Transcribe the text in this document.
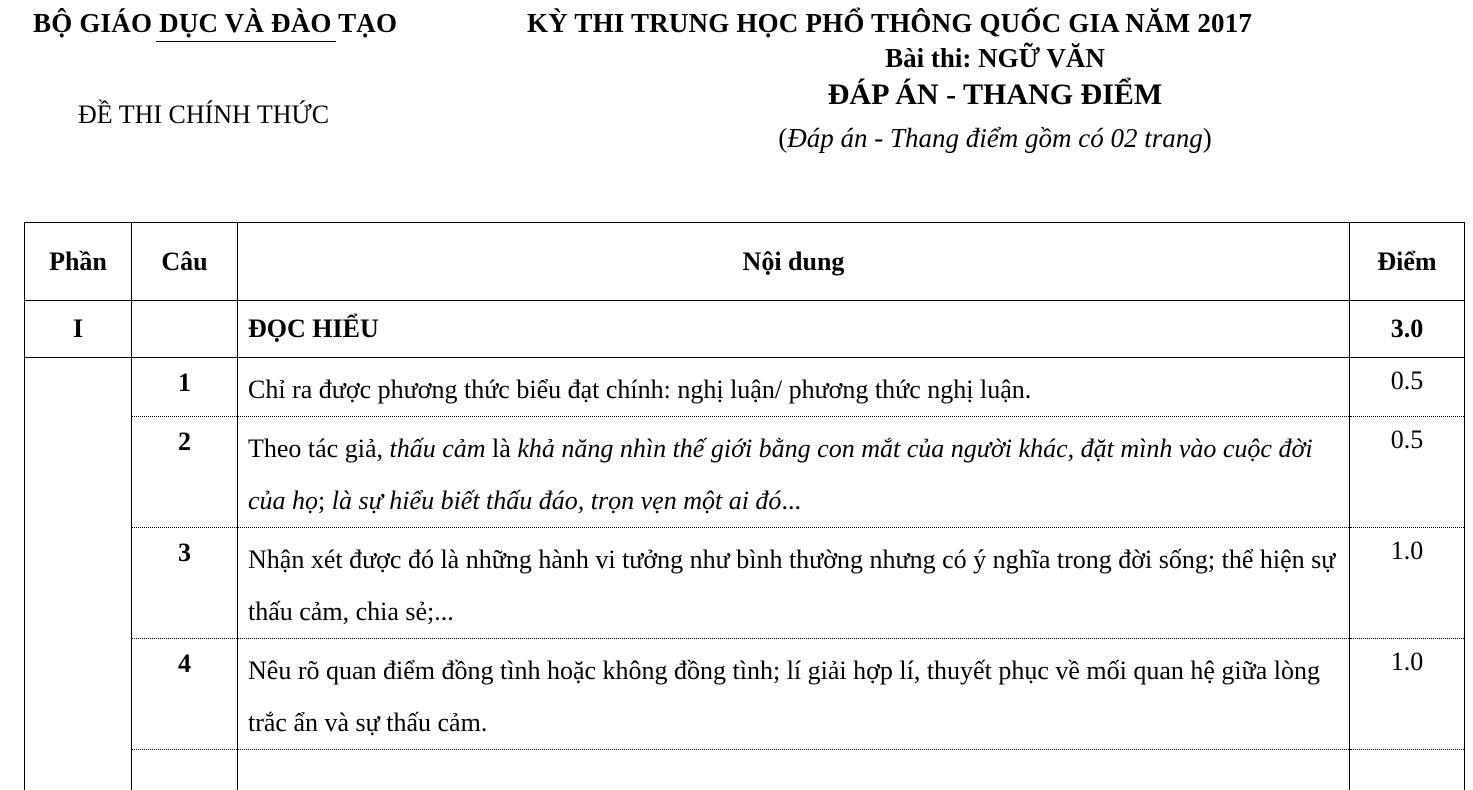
BỘ GIÁO DỤC VÀ ĐÀO TẠO
ĐỀ THI CHÍNH THỨC
KỲ THI TRUNG HỌC PHỔ THÔNG QUỐC GIA NĂM 2017
Bài thi: NGỮ VĂN
ĐÁP ÁN - THANG ĐIỂM
(Đáp án - Thang điểm gồm có 02 trang)
Phần	Câu	Nội dung	Điểm
I		ĐỌC HIỂU	3.0
	1	Chỉ ra được phương thức biểu đạt chính: nghị luận/ phương thức nghị luận.	0.5
	2	Theo tác giả, thấu cảm là khả năng nhìn thế giới bằng con mắt của người khác, đặt mình vào cuộc đời của họ; là sự hiểu biết thấu đáo, trọn vẹn một ai đó...	0.5
	3	Nhận xét được đó là những hành vi tưởng như bình thường nhưng có ý nghĩa trong đời sống; thể hiện sự thấu cảm, chia sẻ;...	1.0
	4	Nêu rõ quan điểm đồng tình hoặc không đồng tình; lí giải hợp lí, thuyết phục về mối quan hệ giữa lòng trắc ẩn và sự thấu cảm.	1.0
